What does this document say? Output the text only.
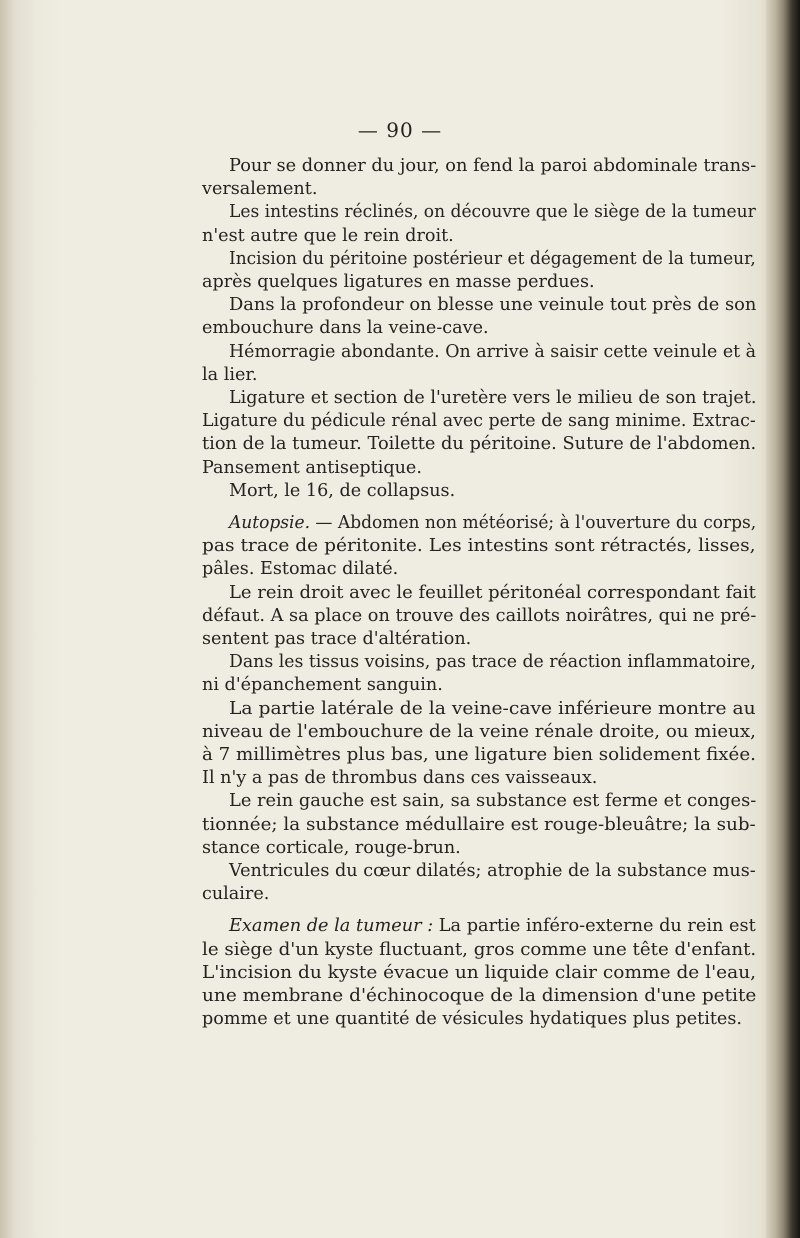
— 90 —
Pour se donner du jour, on fend la paroi abdominale trans-
versalement.
Les intestins réclinés, on découvre que le siège de la tumeur
n'est autre que le rein droit.
Incision du péritoine postérieur et dégagement de la tumeur,
après quelques ligatures en masse perdues.
Dans la profondeur on blesse une veinule tout près de son
embouchure dans la veine-cave.
Hémorragie abondante. On arrive à saisir cette veinule et à
la lier.
Ligature et section de l'uretère vers le milieu de son trajet.
Ligature du pédicule rénal avec perte de sang minime. Extrac-
tion de la tumeur. Toilette du péritoine. Suture de l'abdomen.
Pansement antiseptique.
Mort, le 16, de collapsus.
Autopsie. — Abdomen non météorisé; à l'ouverture du corps,
pas trace de péritonite. Les intestins sont rétractés, lisses,
pâles. Estomac dilaté.
Le rein droit avec le feuillet péritonéal correspondant fait
défaut. A sa place on trouve des caillots noirâtres, qui ne pré-
sentent pas trace d'altération.
Dans les tissus voisins, pas trace de réaction inflammatoire,
ni d'épanchement sanguin.
La partie latérale de la veine-cave inférieure montre au
niveau de l'embouchure de la veine rénale droite, ou mieux,
à 7 millimètres plus bas, une ligature bien solidement fixée.
Il n'y a pas de thrombus dans ces vaisseaux.
Le rein gauche est sain, sa substance est ferme et conges-
tionnée; la substance médullaire est rouge-bleuâtre; la sub-
stance corticale, rouge-brun.
Ventricules du cœur dilatés; atrophie de la substance mus-
culaire.
Examen de la tumeur : La partie inféro-externe du rein est
le siège d'un kyste fluctuant, gros comme une tête d'enfant.
L'incision du kyste évacue un liquide clair comme de l'eau,
une membrane d'échinocoque de la dimension d'une petite
pomme et une quantité de vésicules hydatiques plus petites.
